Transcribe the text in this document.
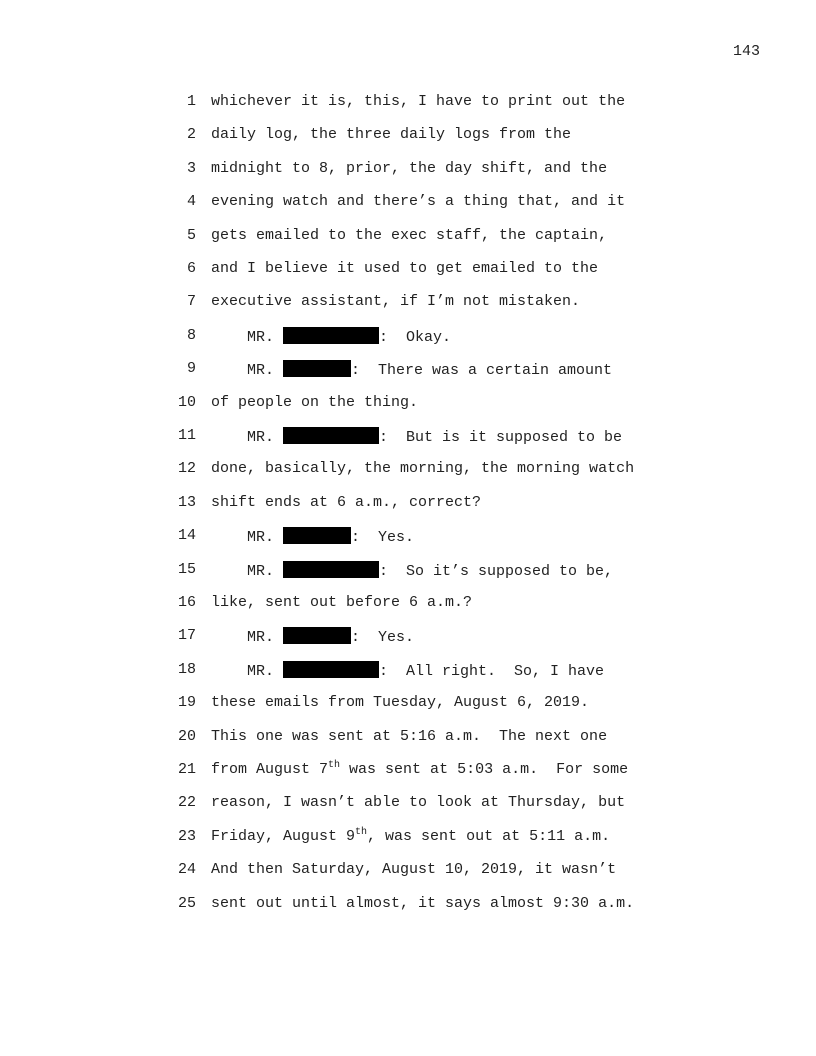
143
1 whichever it is, this, I have to print out the
2 daily log, the three daily logs from the
3 midnight to 8, prior, the day shift, and the
4 evening watch and there’s a thing that, and it
5 gets emailed to the exec staff, the captain,
6 and I believe it used to get emailed to the
7 executive assistant, if I’m not mistaken.
8 MR.	:  Okay.
9 MR.	:  There was a certain amount
10 of people on the thing.
11 MR.	:  But is it supposed to be
12 done, basically, the morning, the morning watch
13 shift ends at 6 a.m., correct?
14 MR.	:  Yes.
15 MR.	:  So it’s supposed to be,
16 like, sent out before 6 a.m.?
17 MR.	:  Yes.
18 MR.	:  All right.  So, I have
19 these emails from Tuesday, August 6, 2019.
20 This one was sent at 5:16 a.m.  The next one
21 from August 7th was sent at 5:03 a.m.  For some
22 reason, I wasn’t able to look at Thursday, but
23 Friday, August 9th, was sent out at 5:11 a.m.
24 And then Saturday, August 10, 2019, it wasn’t
25 sent out until almost, it says almost 9:30 a.m.
